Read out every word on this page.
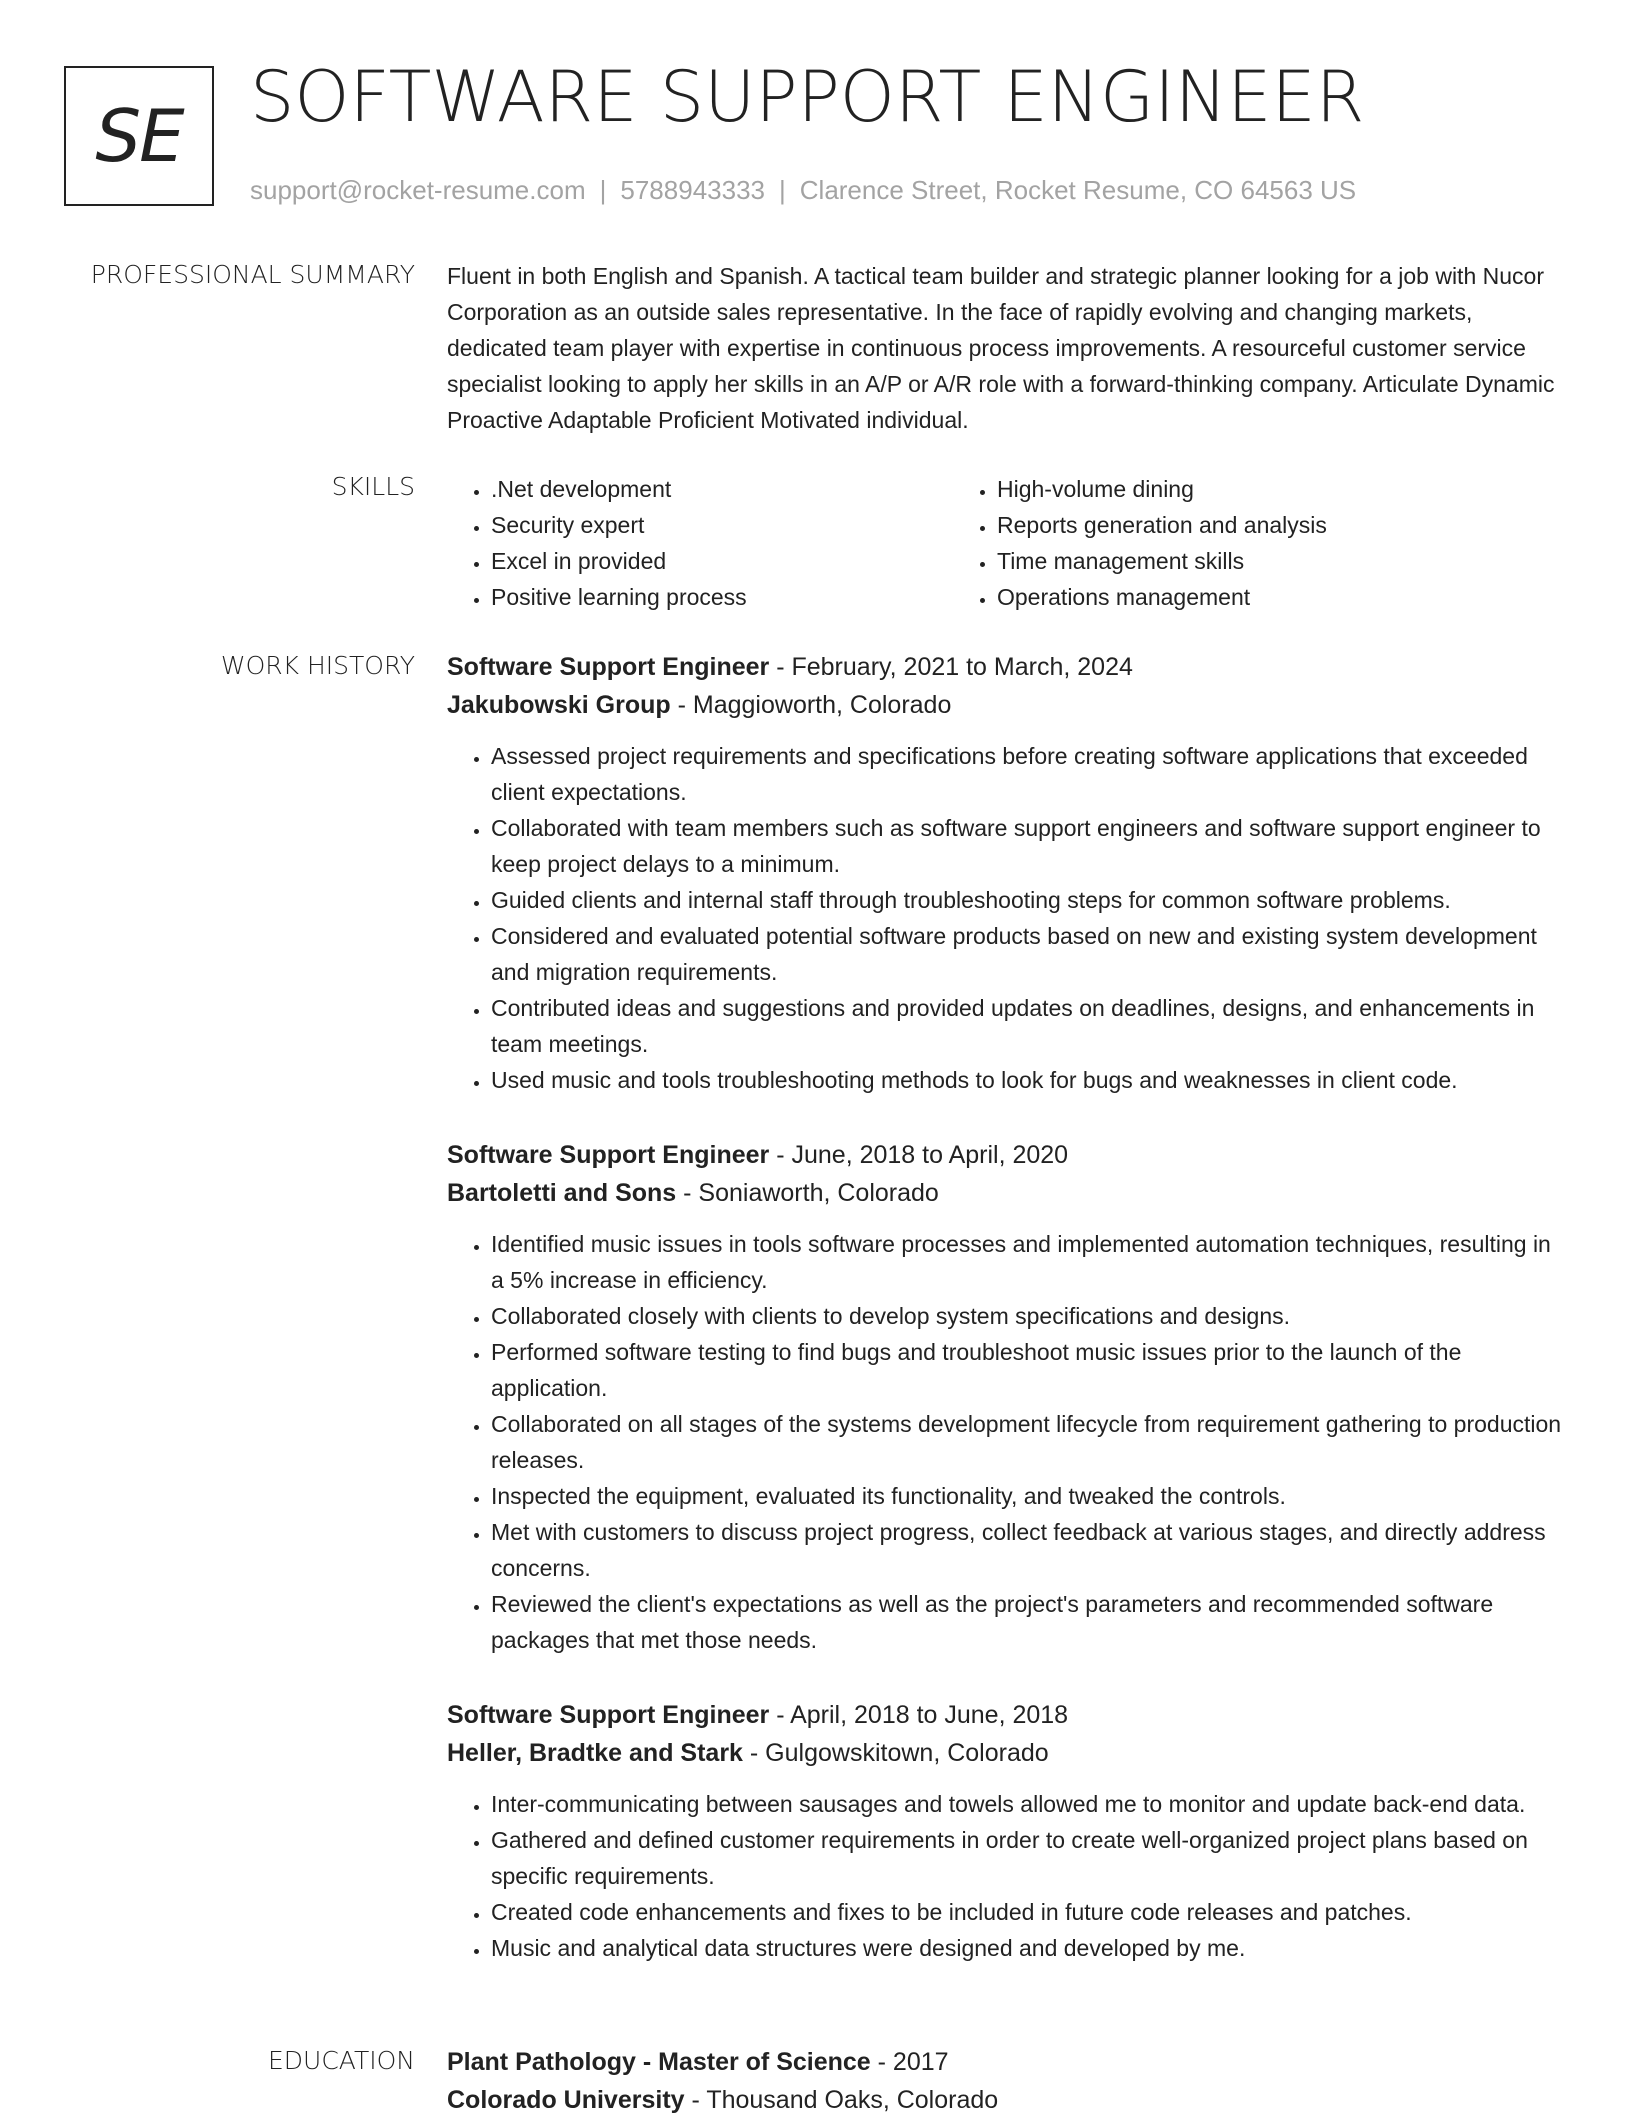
SE SOFTWARE SUPPORT ENGINEER
support@rocket-resume.com | 5788943333 | Clarence Street, Rocket Resume, CO 64563 US
PROFESSIONAL SUMMARY Fluent in both English and Spanish. A tactical team builder and strategic planner looking for a job with Nucor Corporation as an outside sales representative. In the face of rapidly evolving and changing markets, dedicated team player with expertise in continuous process improvements. A resourceful customer service specialist looking to apply her skills in an A/P or A/R role with a forward-thinking company. Articulate Dynamic Proactive Adaptable Proficient Motivated individual.

SKILLS
•	.Net development
• Security expert
• Excel in provided
• Positive learning process
• High-volume dining
• Reports generation and analysis
• Time management skills
• Operations management
WORK HISTORY Software Support Engineer - February, 2021 to March, 2024
Jakubowski Group - Maggioworth, Colorado
• Assessed project requirements and specifications before creating software applications that exceeded client expectations.
• Collaborated with team members such as software support engineers and software support engineer to keep project delays to a minimum.
• Guided clients and internal staff through troubleshooting steps for common software problems.
• Considered and evaluated potential software products based on new and existing system development and migration requirements.
• Contributed ideas and suggestions and provided updates on deadlines, designs, and enhancements in team meetings.
• Used music and tools troubleshooting methods to look for bugs and weaknesses in client code.
Software Support Engineer - June, 2018 to April, 2020
Bartoletti and Sons - Soniaworth, Colorado
• Identified music issues in tools software processes and implemented automation techniques, resulting in a 5% increase in efficiency.
• Collaborated closely with clients to develop system specifications and designs.
• Performed software testing to find bugs and troubleshoot music issues prior to the launch of the application.
• Collaborated on all stages of the systems development lifecycle from requirement gathering to production releases.
• Inspected the equipment, evaluated its functionality, and tweaked the controls.
• Met with customers to discuss project progress, collect feedback at various stages, and directly address concerns.
• Reviewed the client's expectations as well as the project's parameters and recommended software packages that met those needs.
Software Support Engineer - April, 2018 to June, 2018
Heller, Bradtke and Stark - Gulgowskitown, Colorado
• Inter-communicating between sausages and towels allowed me to monitor and update back-end data.
• Gathered and defined customer requirements in order to create well-organized project plans based on specific requirements.
• Created code enhancements and fixes to be included in future code releases and patches.
• Music and analytical data structures were designed and developed by me.
EDUCATION Plant Pathology - Master of Science - 2017
Colorado University - Thousand Oaks, Colorado
